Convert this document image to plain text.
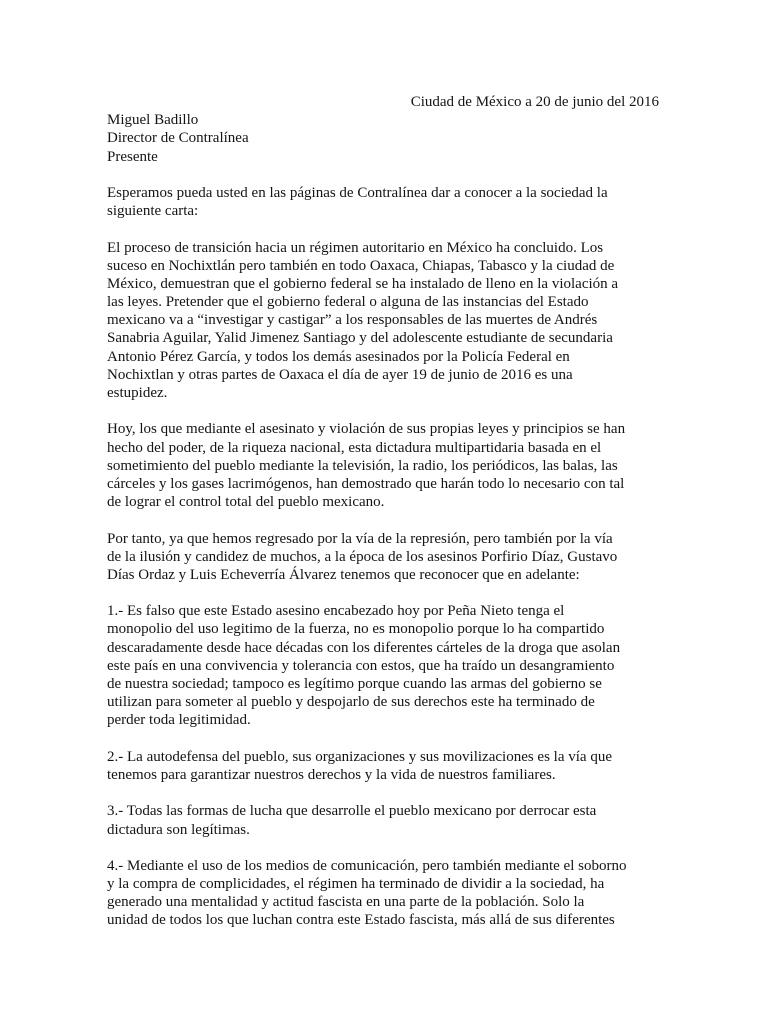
Ciudad de México a 20 de junio del 2016
Miguel Badillo
Director de Contralínea
Presente
Esperamos pueda usted en las páginas de Contralínea dar a conocer a la sociedad la
siguiente carta:
El proceso de transición hacia un régimen autoritario en México ha concluido. Los
suceso en Nochixtlán pero también en todo Oaxaca, Chiapas, Tabasco y la ciudad de
México, demuestran que el gobierno federal se ha instalado de lleno en la violación a
las leyes. Pretender que el gobierno federal o alguna de las instancias del Estado
mexicano va a “investigar y castigar” a los responsables de las muertes de Andrés
Sanabria Aguilar, Yalid Jimenez Santiago y del adolescente estudiante de secundaria
Antonio Pérez García, y todos los demás asesinados por la Policía Federal en
Nochixtlan y otras partes de Oaxaca el día de ayer 19 de junio de 2016 es una
estupidez.
Hoy, los que mediante el asesinato y violación de sus propias leyes y principios se han
hecho del poder, de la riqueza nacional, esta dictadura multipartidaria basada en el
sometimiento del pueblo mediante la televisión, la radio, los periódicos, las balas, las
cárceles y los gases lacrimógenos, han demostrado que harán todo lo necesario con tal
de lograr el control total del pueblo mexicano.
Por tanto, ya que hemos regresado por la vía de la represión, pero también por la vía
de la ilusión y candidez de muchos, a la época de los asesinos Porfirio Díaz, Gustavo
Días Ordaz y Luis Echeverría Álvarez tenemos que reconocer que en adelante:
1.- Es falso que este Estado asesino encabezado hoy por Peña Nieto tenga el
monopolio del uso legitimo de la fuerza, no es monopolio porque lo ha compartido
descaradamente desde hace décadas con los diferentes cárteles de la droga que asolan
este país en una convivencia y tolerancia con estos, que ha traído un desangramiento
de nuestra sociedad; tampoco es legítimo porque cuando las armas del gobierno se
utilizan para someter al pueblo y despojarlo de sus derechos este ha terminado de
perder toda legitimidad.
2.- La autodefensa del pueblo, sus organizaciones y sus movilizaciones es la vía que
tenemos para garantizar nuestros derechos y la vida de nuestros familiares.
3.- Todas las formas de lucha que desarrolle el pueblo mexicano por derrocar esta
dictadura son legítimas.
4.- Mediante el uso de los medios de comunicación, pero también mediante el soborno
y la compra de complicidades, el régimen ha terminado de dividir a la sociedad, ha
generado una mentalidad y actitud fascista en una parte de la población. Solo la
unidad de todos los que luchan contra este Estado fascista, más allá de sus diferentes
